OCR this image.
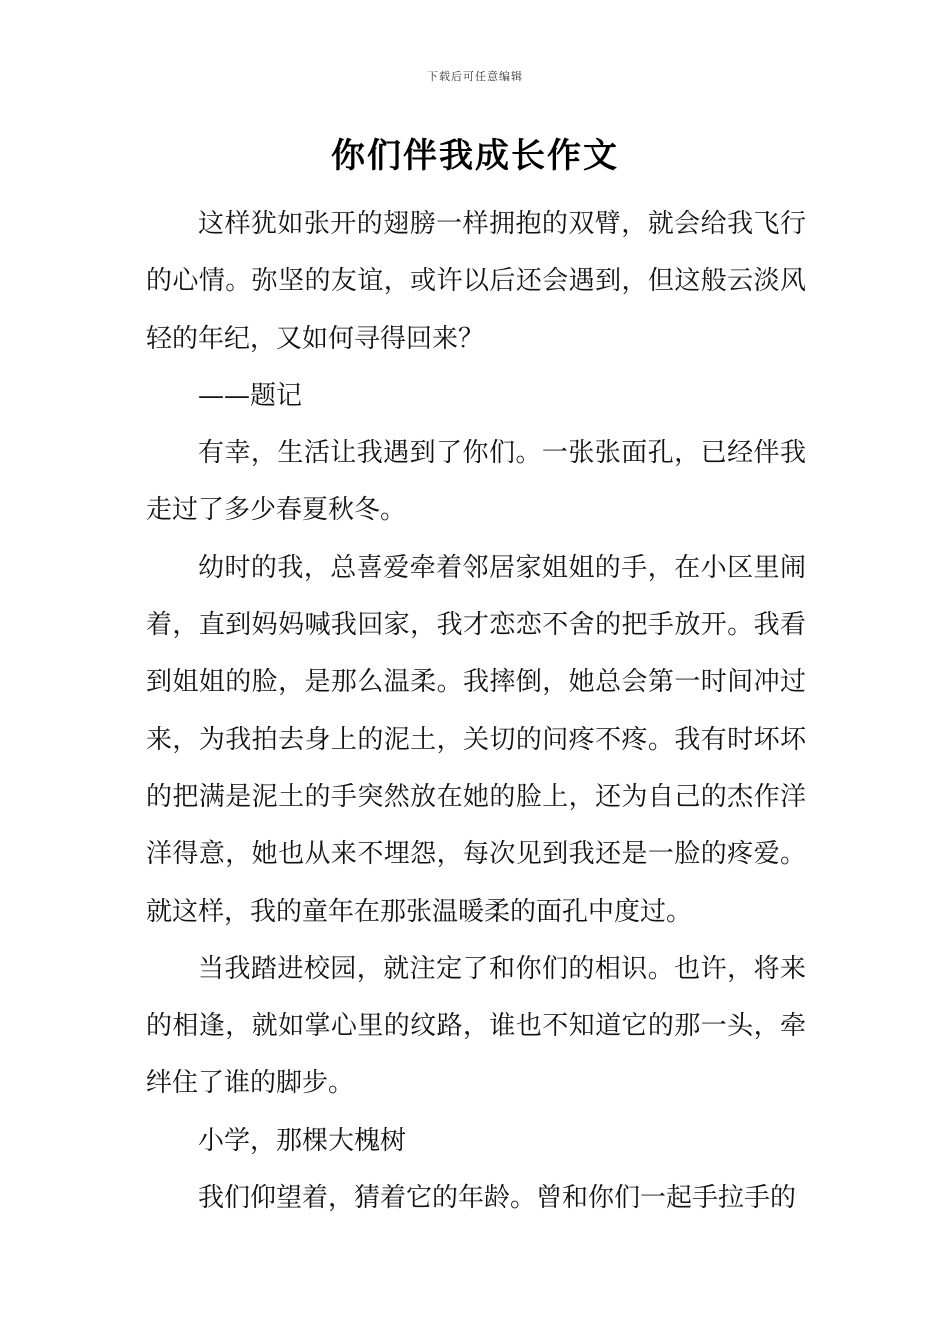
下载后可任意编辑
你们伴我成长作文

这样犹如张开的翅膀一样拥抱的双臂，就会给我飞行的心情。弥坚的友谊，或许以后还会遇到，但这般云淡风轻的年纪，又如何寻得回来？

——题记

有幸，生活让我遇到了你们。一张张面孔，已经伴我走过了多少春夏秋冬。

幼时的我，总喜爱牵着邻居家姐姐的手，在小区里闹着，直到妈妈喊我回家，我才恋恋不舍的把手放开。我看到姐姐的脸，是那么温柔。我摔倒，她总会第一时间冲过来，为我拍去身上的泥土，关切的问疼不疼。我有时坏坏的把满是泥土的手突然放在她的脸上，还为自己的杰作洋洋得意，她也从来不埋怨，每次见到我还是一脸的疼爱。就这样，我的童年在那张温暖柔的面孔中度过。

当我踏进校园，就注定了和你们的相识。也许，将来的相逢，就如掌心里的纹路，谁也不知道它的那一头，牵绊住了谁的脚步。

小学，那棵大槐树

我们仰望着，猜着它的年龄。曾和你们一起手拉手的
